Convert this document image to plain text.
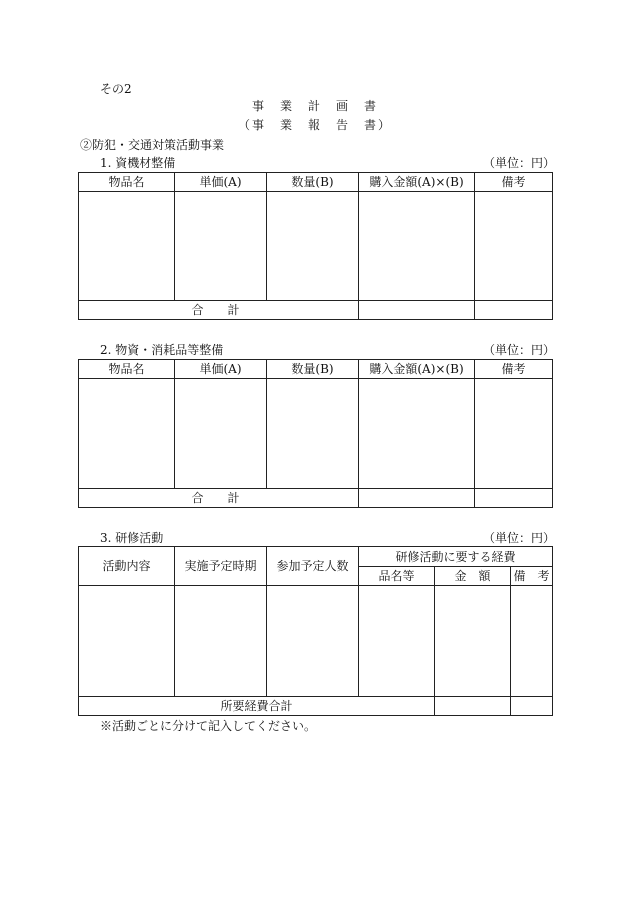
その2
事　業　計　画　書
（事　業　報　告　書）
②防犯・交通対策活動事業
1. 資機材整備	（単位：円）
物品名	単価(A)	数量(B)	購入金額(A)×(B)	備考

合　計				
2. 物資・消耗品等整備	（単位：円）
物品名	単価(A)	数量(B)	購入金額(A)×(B)	備考

合　計				
3. 研修活動	（単位：円）
活動内容	実施予定時期	参加予定人数	研修活動に要する経費		
			品名等	金　額	備　考

所要経費合計					
※活動ごとに分けて記入してください。
